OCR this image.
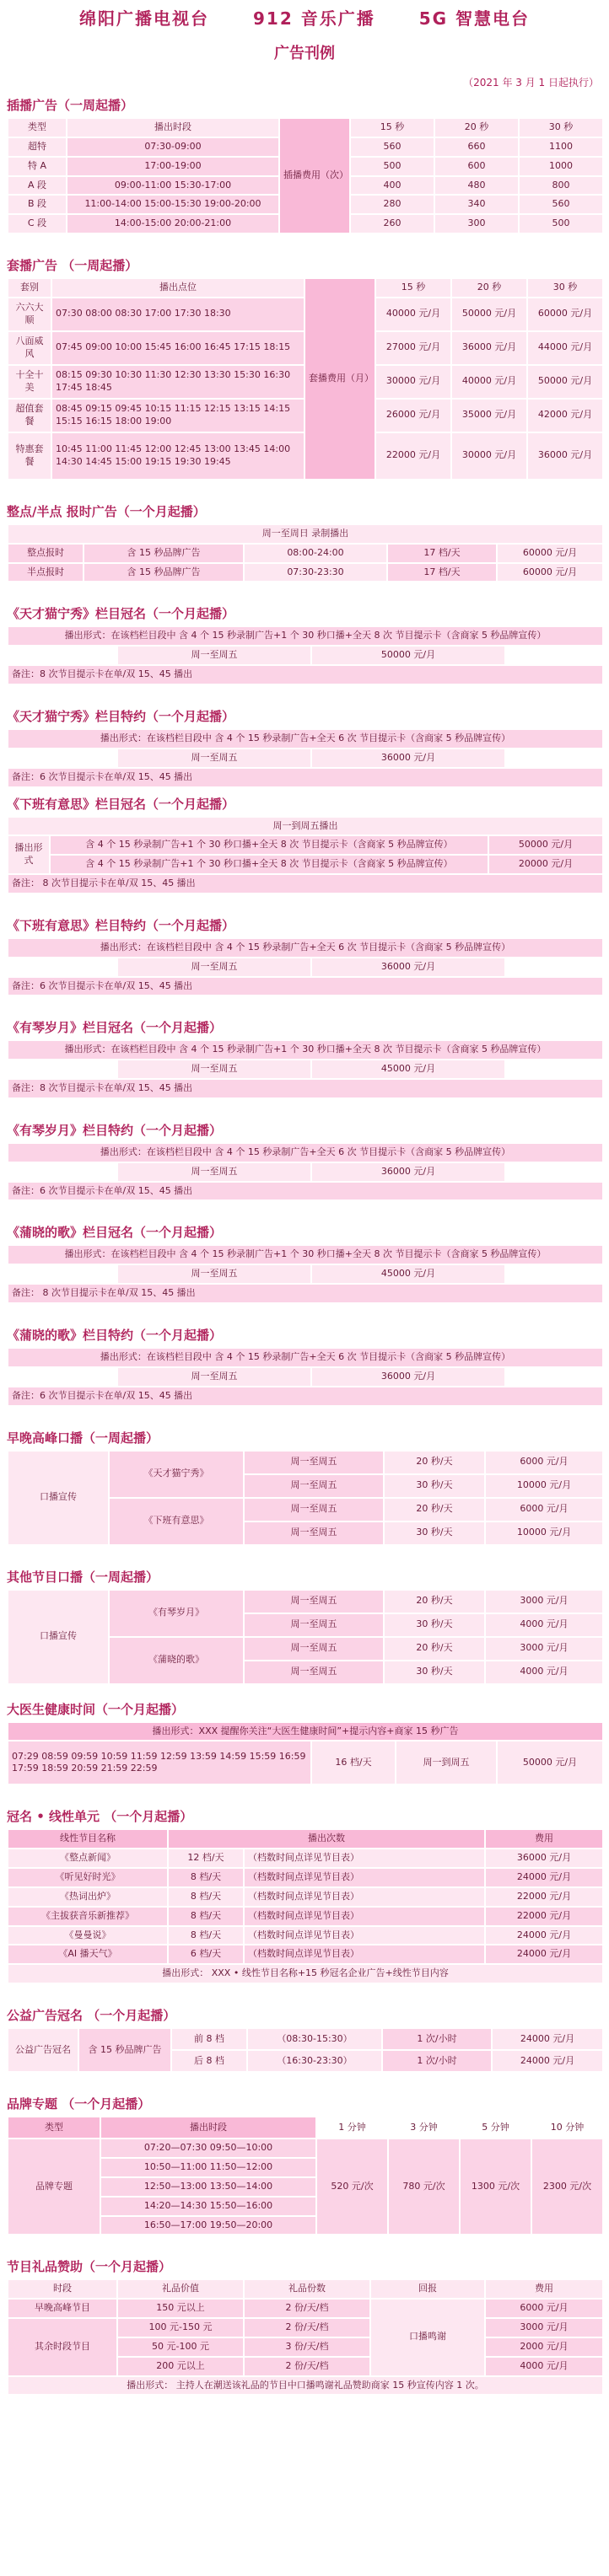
绵阳广播电视台	912 音乐广播	5G 智慧电台
广告刊例
（2021 年 3 月 1 日起执行）
插播广告（一周起播）
类型	播出时段	插播费用（次）	15 秒	20 秒	30 秒
超特	07:30-09:00		560	660	1100
特 A	17:00-19:00		500	600	1000
A 段	09:00-11:00 15:30-17:00		400	480	800
B 段	11:00-14:00 15:00-15:30 19:00-20:00		280	340	560
C 段	14:00-15:00 20:00-21:00		260	300	500
套播广告 （一周起播）
套别	播出点位	套播费用（月）	15 秒	20 秒	30 秒
六六大顺	07:30 08:00 08:30 17:00 17:30 18:30		40000 元/月	50000 元/月	60000 元/月
八面威风	07:45 09:00 10:00 15:45 16:00 16:45 17:15 18:15		27000 元/月	36000 元/月	44000 元/月
十全十美	08:15 09:30 10:30 11:30 12:30 13:30 15:30 16:30 17:45 18:45		30000 元/月	40000 元/月	50000 元/月
超值套餐	08:45 09:15 09:45 10:15 11:15 12:15 13:15 14:15 15:15 16:15 18:00 19:00		26000 元/月	35000 元/月	42000 元/月
特惠套餐	10:45 11:00 11:45 12:00 12:45 13:00 13:45 14:00 14:30 14:45 15:00 19:15 19:30 19:45		22000 元/月	30000 元/月	36000 元/月
整点/半点 报时广告（一个月起播）
周一至周日 录制播出				
整点报时	含 15 秒品牌广告	08:00-24:00	17 档/天	60000 元/月
半点报时	含 15 秒品牌广告	07:30-23:30	17 档/天	60000 元/月
《天才猫宁秀》栏目冠名（一个月起播）
播出形式：在该档栏目段中 含 4 个 15 秒录制广告+1 个 30 秒口播+全天 8 次 节目提示卡（含商家 5 秒品牌宣传）
	周一至周五	50000 元/月	
备注：8 次节目提示卡在单/双 15、45 播出
《天才猫宁秀》栏目特约（一个月起播）
播出形式：在该档栏目段中 含 4 个 15 秒录制广告+全天 6 次 节目提示卡（含商家 5 秒品牌宣传）
	周一至周五	36000 元/月	
备注：6 次节目提示卡在单/双 15、45 播出
《下班有意思》栏目冠名（一个月起播）
周一到周五播出		
播出形式	含 4 个 15 秒录制广告+1 个 30 秒口播+全天 8 次 节目提示卡（含商家 5 秒品牌宣传）	50000 元/月
	含 4 个 15 秒录制广告+1 个 30 秒口播+全天 8 次 节目提示卡（含商家 5 秒品牌宣传）	20000 元/月
备注： 8 次节目提示卡在单/双 15、45 播出		
《下班有意思》栏目特约（一个月起播）
播出形式：在该档栏目段中 含 4 个 15 秒录制广告+全天 6 次 节目提示卡（含商家 5 秒品牌宣传）
	周一至周五	36000 元/月	
备注：6 次节目提示卡在单/双 15、45 播出
《有琴岁月》栏目冠名（一个月起播）
播出形式：在该档栏目段中 含 4 个 15 秒录制广告+1 个 30 秒口播+全天 8 次 节目提示卡（含商家 5 秒品牌宣传）
	周一至周五	45000 元/月	
备注：8 次节目提示卡在单/双 15、45 播出
《有琴岁月》栏目特约（一个月起播）
播出形式：在该档栏目段中 含 4 个 15 秒录制广告+全天 6 次 节目提示卡（含商家 5 秒品牌宣传）
	周一至周五	36000 元/月	
备注：6 次节目提示卡在单/双 15、45 播出
《蒲晓的歌》栏目冠名（一个月起播）
播出形式：在该档栏目段中 含 4 个 15 秒录制广告+1 个 30 秒口播+全天 8 次 节目提示卡（含商家 5 秒品牌宣传）
	周一至周五	45000 元/月	
备注： 8 次节目提示卡在单/双 15、45 播出
《蒲晓的歌》栏目特约（一个月起播）
播出形式：在该档栏目段中 含 4 个 15 秒录制广告+全天 6 次 节目提示卡（含商家 5 秒品牌宣传）
	周一至周五	36000 元/月	
备注：6 次节目提示卡在单/双 15、45 播出
早晚高峰口播（一周起播）
口播宣传	《天才猫宁秀》	周一至周五	20 秒/天	6000 元/月
		周一至周五	30 秒/天	10000 元/月
	《下班有意思》	周一至周五	20 秒/天	6000 元/月
		周一至周五	30 秒/天	10000 元/月
其他节目口播（一周起播）
口播宣传	《有琴岁月》	周一至周五	20 秒/天	3000 元/月
		周一至周五	30 秒/天	4000 元/月
	《蒲晓的歌》	周一至周五	20 秒/天	3000 元/月
		周一至周五	30 秒/天	4000 元/月
大医生健康时间（一个月起播）
播出形式：XXX 提醒你关注“大医生健康时间”+提示内容+商家 15 秒广告
07:29 08:59 09:59 10:59 11:59 12:59 13:59 14:59 15:59 16:59 17:59 18:59 20:59 21:59 22:59	16 档/天	周一到周五	50000 元/月
冠名 • 线性单元 （一个月起播）
线性节目名称	播出次数		费用
《整点新闻》	12 档/天	（档数时间点详见节目表）	36000 元/月
《听见好时光》	8 档/天	（档数时间点详见节目表）	24000 元/月
《热词出炉》	8 档/天	（档数时间点详见节目表）	22000 元/月
《主拔获音乐新推荐》	8 档/天	（档数时间点详见节目表）	22000 元/月
《曼曼说》	8 档/天	（档数时间点详见节目表）	24000 元/月
《AI 播天气》	6 档/天	（档数时间点详见节目表）	24000 元/月
播出形式： XXX • 线性节目名称+15 秒冠名企业广告+线性节目内容			
公益广告冠名 （一个月起播）
公益广告冠名	含 15 秒品牌广告	前 8 档	（08:30-15:30）	1 次/小时	24000 元/月
		后 8 档	（16:30-23:30）	1 次/小时	24000 元/月
品牌专题 （一个月起播）
类型	播出时段	1 分钟	3 分钟	5 分钟	10 分钟
品牌专题	07:20—07:30 09:50—10:00	520 元/次	780 元/次	1300 元/次	2300 元/次
	10:50—11:00 11:50—12:00				
	12:50—13:00 13:50—14:00				
	14:20—14:30 15:50—16:00				
	16:50—17:00 19:50—20:00				
节目礼品赞助（一个月起播）
时段	礼品价值	礼品份数	回报	费用
早晚高峰节目	150 元以上	2 份/天/档	口播鸣谢	6000 元/月
其余时段节目	100 元-150 元	2 份/天/档		3000 元/月
	50 元-100 元	3 份/天/档		2000 元/月
	200 元以上	2 份/天/档		4000 元/月
播出形式： 主持人在潮送该礼品的节目中口播鸣谢礼品赞助商家 15 秒宣传内容 1 次。				
